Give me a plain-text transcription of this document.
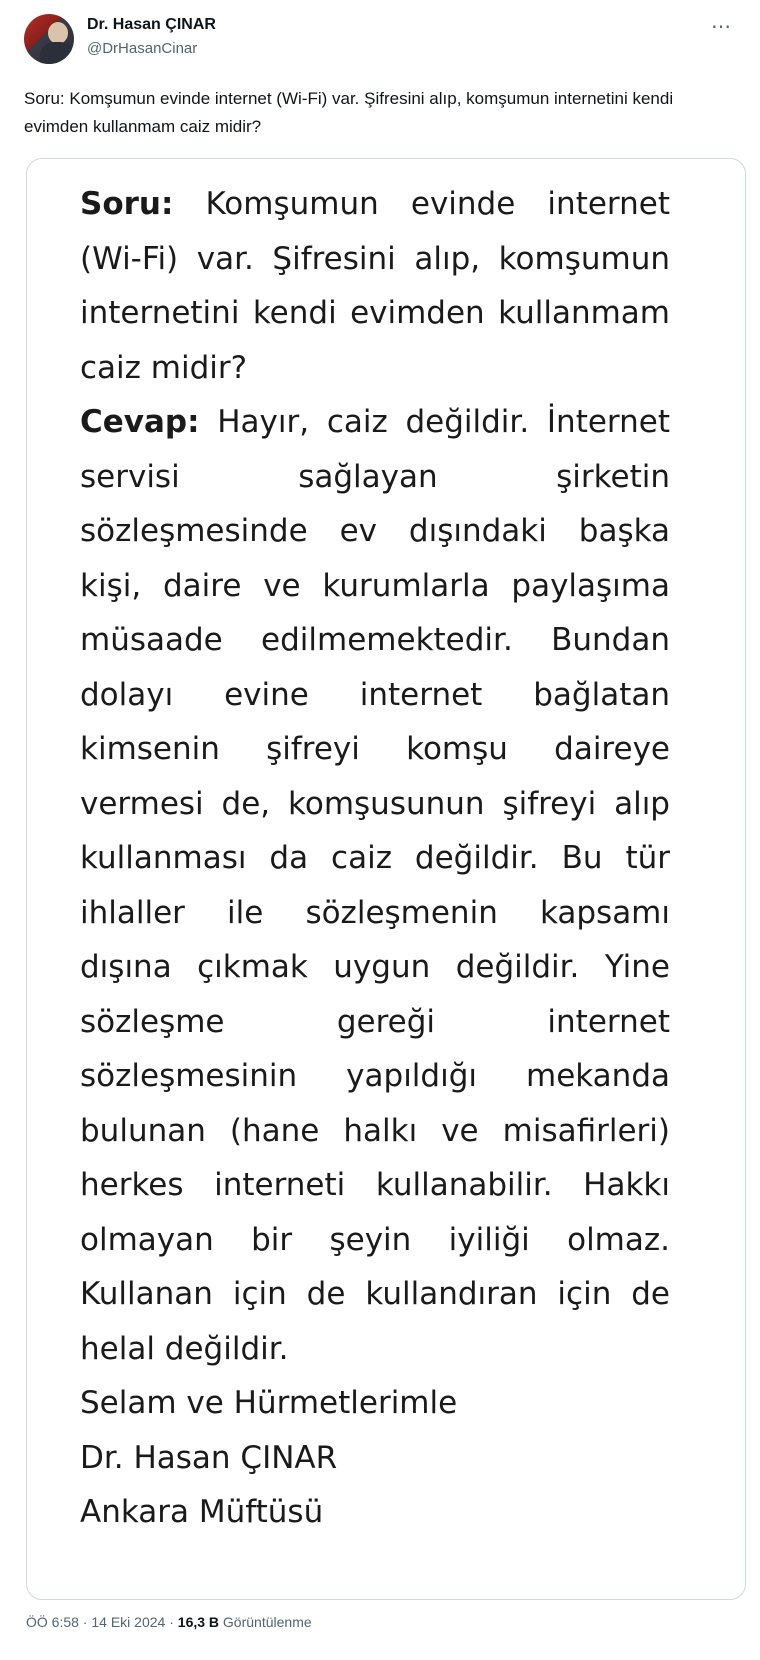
Dr. Hasan ÇINAR
@DrHasanCinar
⋯
Soru: Komşumun evinde internet (Wi-Fi) var. Şifresini alıp, komşumun internetini kendi evimden kullanmam caiz midir?

Soru: Komşumun evinde internet (Wi-Fi) var. Şifresini alıp, komşumun internetini kendi evimden kullanmam caiz midir?

Cevap: Hayır, caiz değildir. İnternet servisi sağlayan şirketin sözleşmesinde ev dışındaki başka kişi, daire ve kurumlarla paylaşıma müsaade edilmemektedir. Bundan dolayı evine internet bağlatan kimsenin şifreyi komşu daireye vermesi de, komşusunun şifreyi alıp kullanması da caiz değildir. Bu tür ihlaller ile sözleşmenin kapsamı dışına çıkmak uygun değildir. Yine sözleşme gereği internet sözleşmesinin yapıldığı mekanda bulunan (hane halkı ve misafirleri) herkes interneti kullanabilir. Hakkı olmayan bir şeyin iyiliği olmaz. Kullanan için de kullandıran için de helal değildir.

Selam ve Hürmetlerimle

Dr. Hasan ÇINAR

Ankara Müftüsü

ÖÖ 6:58 · 14 Eki 2024 · 16,3 B Görüntülenme
